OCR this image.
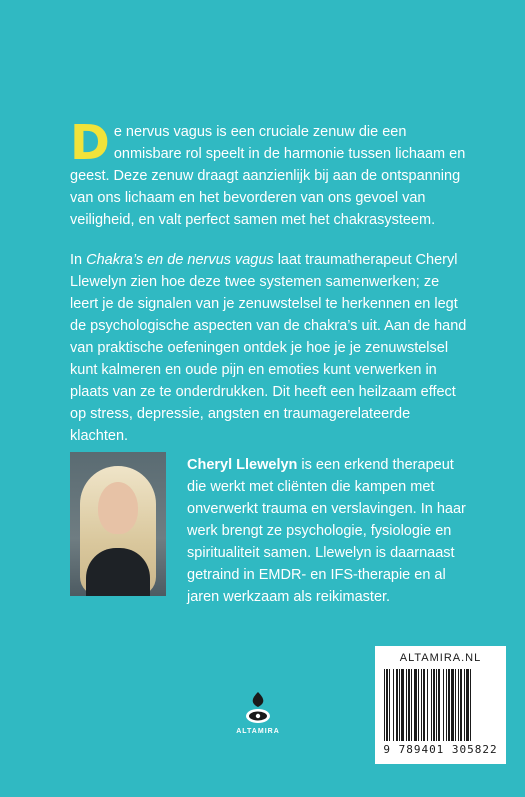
De nervus vagus is een cruciale zenuw die een onmisbare rol speelt in de harmonie tussen lichaam en geest. Deze zenuw draagt aanzienlijk bij aan de ontspanning van ons lichaam en het bevorderen van ons gevoel van veiligheid, en valt perfect samen met het chakrasysteem.

In Chakra’s en de nervus vagus laat traumatherapeut Cheryl Llewelyn zien hoe deze twee systemen samenwerken; ze leert je de signalen van je zenuwstelsel te herkennen en legt de psychologische aspecten van de chakra’s uit. Aan de hand van praktische oefeningen ontdek je hoe je je zenuwstelsel kunt kalmeren en oude pijn en emoties kunt verwerken in plaats van ze te onderdrukken. Dit heeft een heilzaam effect op stress, depressie, angsten en traumagerelateerde klachten.

Cheryl Llewelyn is een erkend therapeut die werkt met cliënten die kampen met onverwerkt trauma en verslavingen. In haar werk brengt ze psychologie, fysiologie en spiritualiteit samen. Llewelyn is daarnaast getraind in EMDR- en IFS-therapie en al jaren werkzaam als reikimaster.

ALTAMIRA
ALTAMIRA.NL
9 789401 305822
